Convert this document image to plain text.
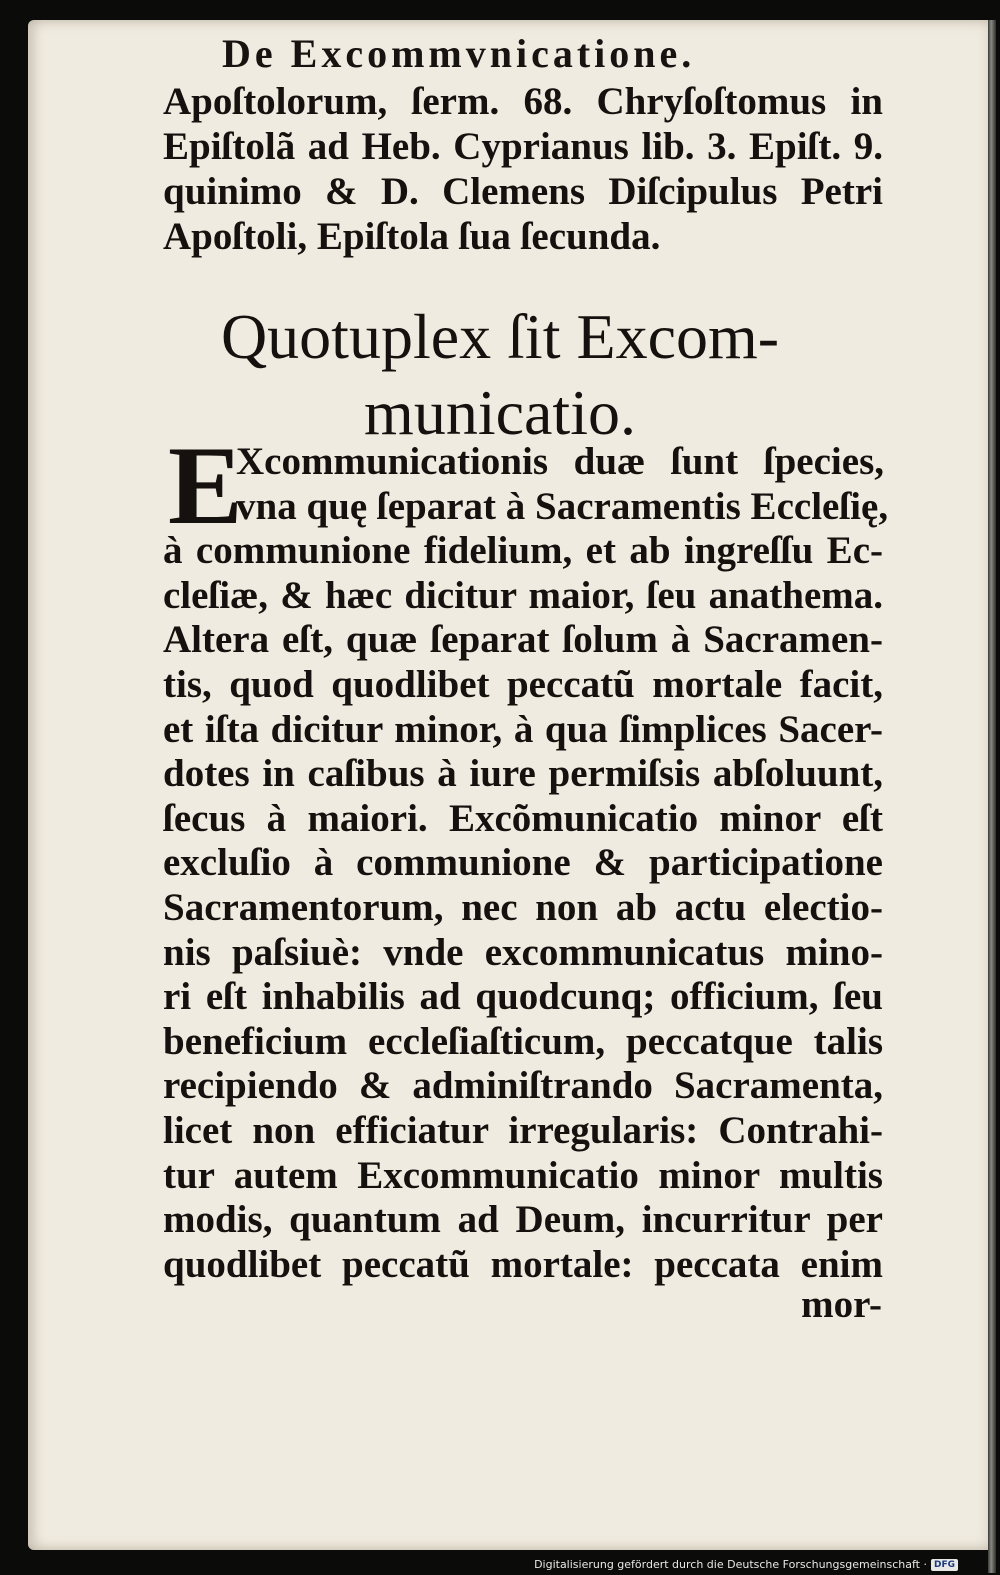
De Excommvnicatione.
Apoſtolorum, ſerm. 68. Chryſoſtomus in
Epiſtolã ad Heb. Cyprianus lib. 3. Epiſt. 9.
quinimo & D. Clemens Diſcipulus Petri
Apoſtoli, Epiſtola ſua ſecunda.
Quotuplex ſit Excom-
municatio.
E
Xcommunicationis duæ ſunt ſpecies,
vna quę ſeparat à Sacramentis Eccleſię,
à communione fidelium, et ab ingreſſu Ec-
cleſiæ, & hæc dicitur maior, ſeu anathema.
Altera eſt, quæ ſeparat ſolum à Sacramen-
tis, quod quodlibet peccatũ mortale facit,
et iſta dicitur minor, à qua ſimplices Sacer-
dotes in caſibus à iure permiſsis abſoluunt,
ſecus à maiori. Excõmunicatio minor eſt
excluſio à communione & participatione
Sacramentorum, nec non ab actu electio-
nis paſsiuè: vnde excommunicatus mino-
ri eſt inhabilis ad quodcunq; officium, ſeu
beneficium eccleſiaſticum, peccatque talis
recipiendo & adminiſtrando Sacramenta,
licet non efficiatur irregularis: Contrahi-
tur autem Excommunicatio minor multis
modis, quantum ad Deum, incurritur per
quodlibet peccatũ mortale: peccata enim
mor-
Digitalisierung gefördert durch die Deutsche Forschungsgemeinschaft · DFG
